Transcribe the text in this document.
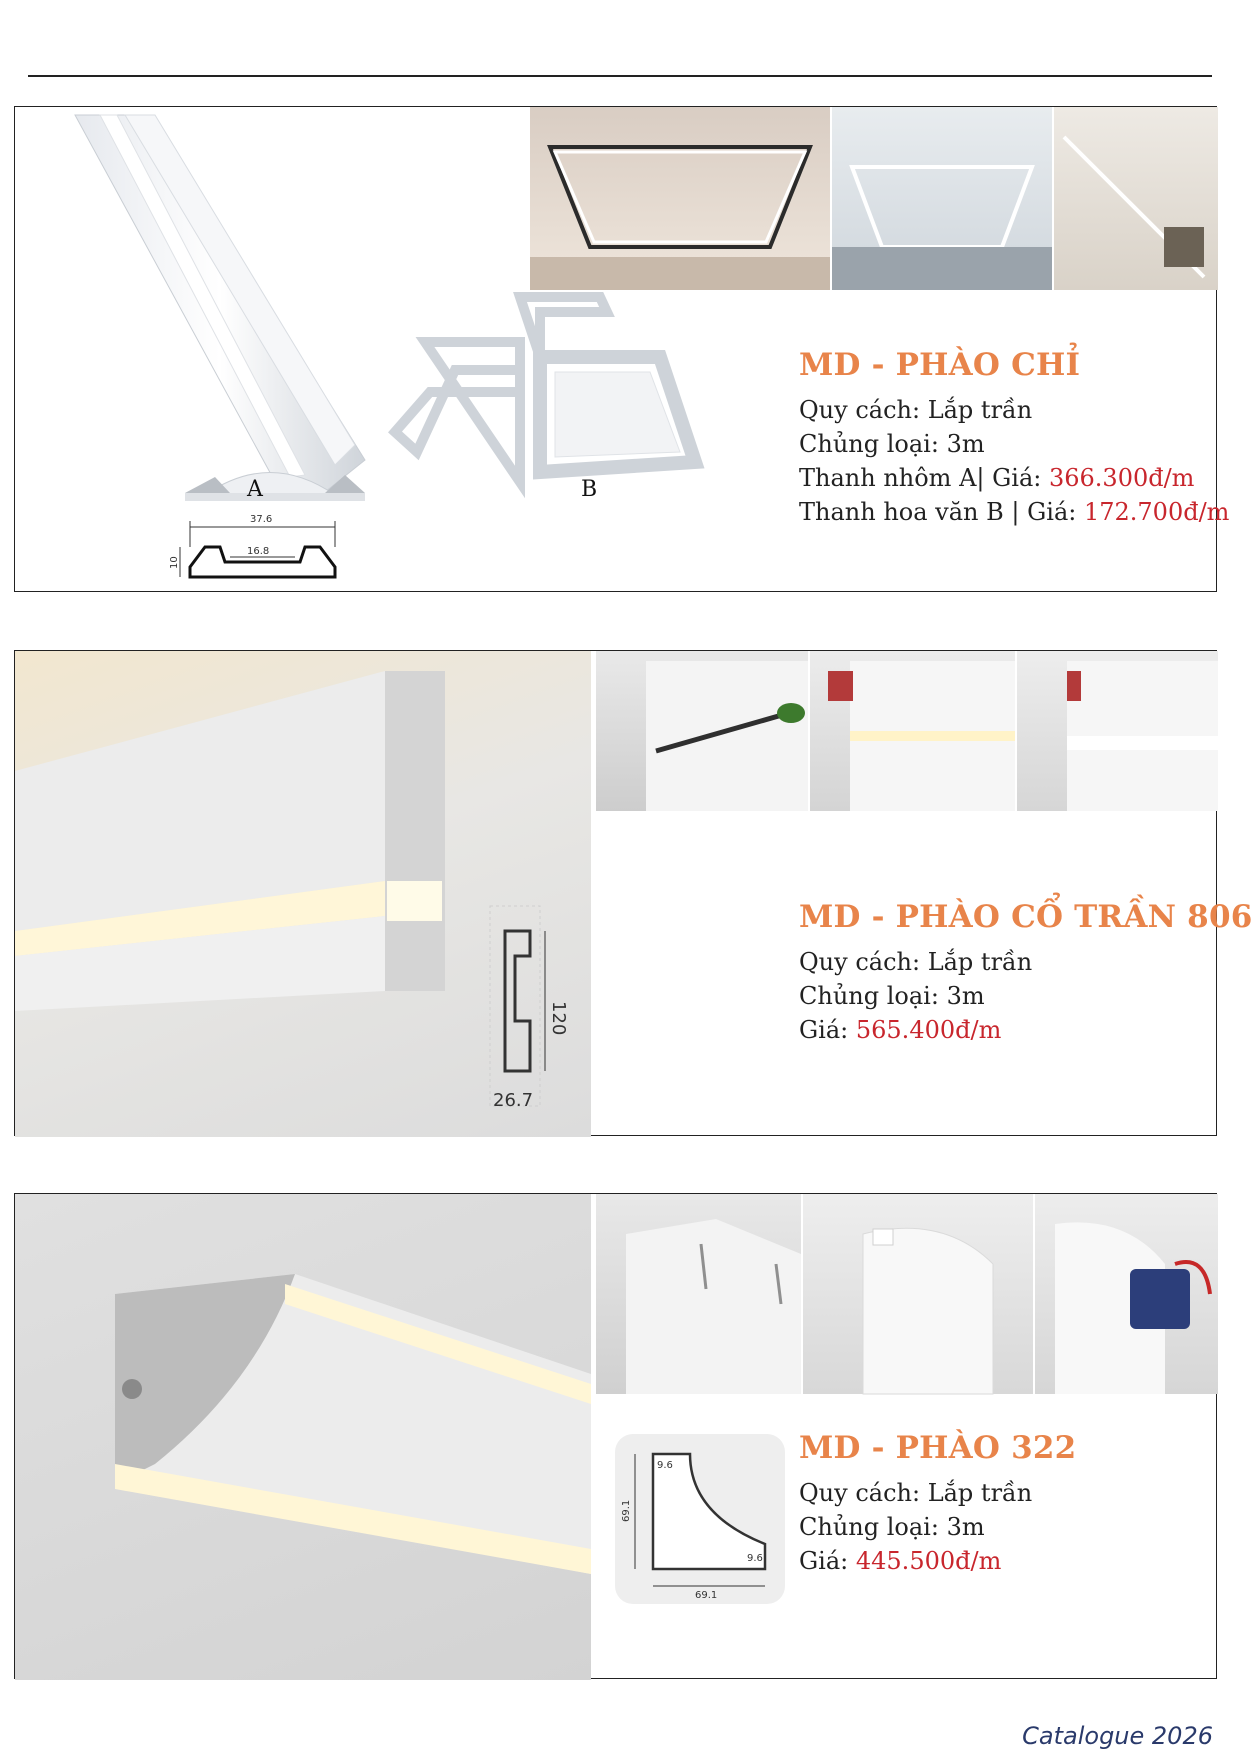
A
37.6
16.8
10
B
MD - PHÀO CHỈ
Quy cách: Lắp trần
Chủng loại: 3m
Thanh nhôm A| Giá: 366.300đ/m
Thanh hoa văn B | Giá: 172.700đ/m
120
26.7
MD - PHÀO CỔ TRẦN 806
Quy cách: Lắp trần
Chủng loại: 3m
Giá: 565.400đ/m
69.1
69.1
9.6
9.6
MD - PHÀO 322
Quy cách: Lắp trần
Chủng loại: 3m
Giá: 445.500đ/m
Catalogue 2026
